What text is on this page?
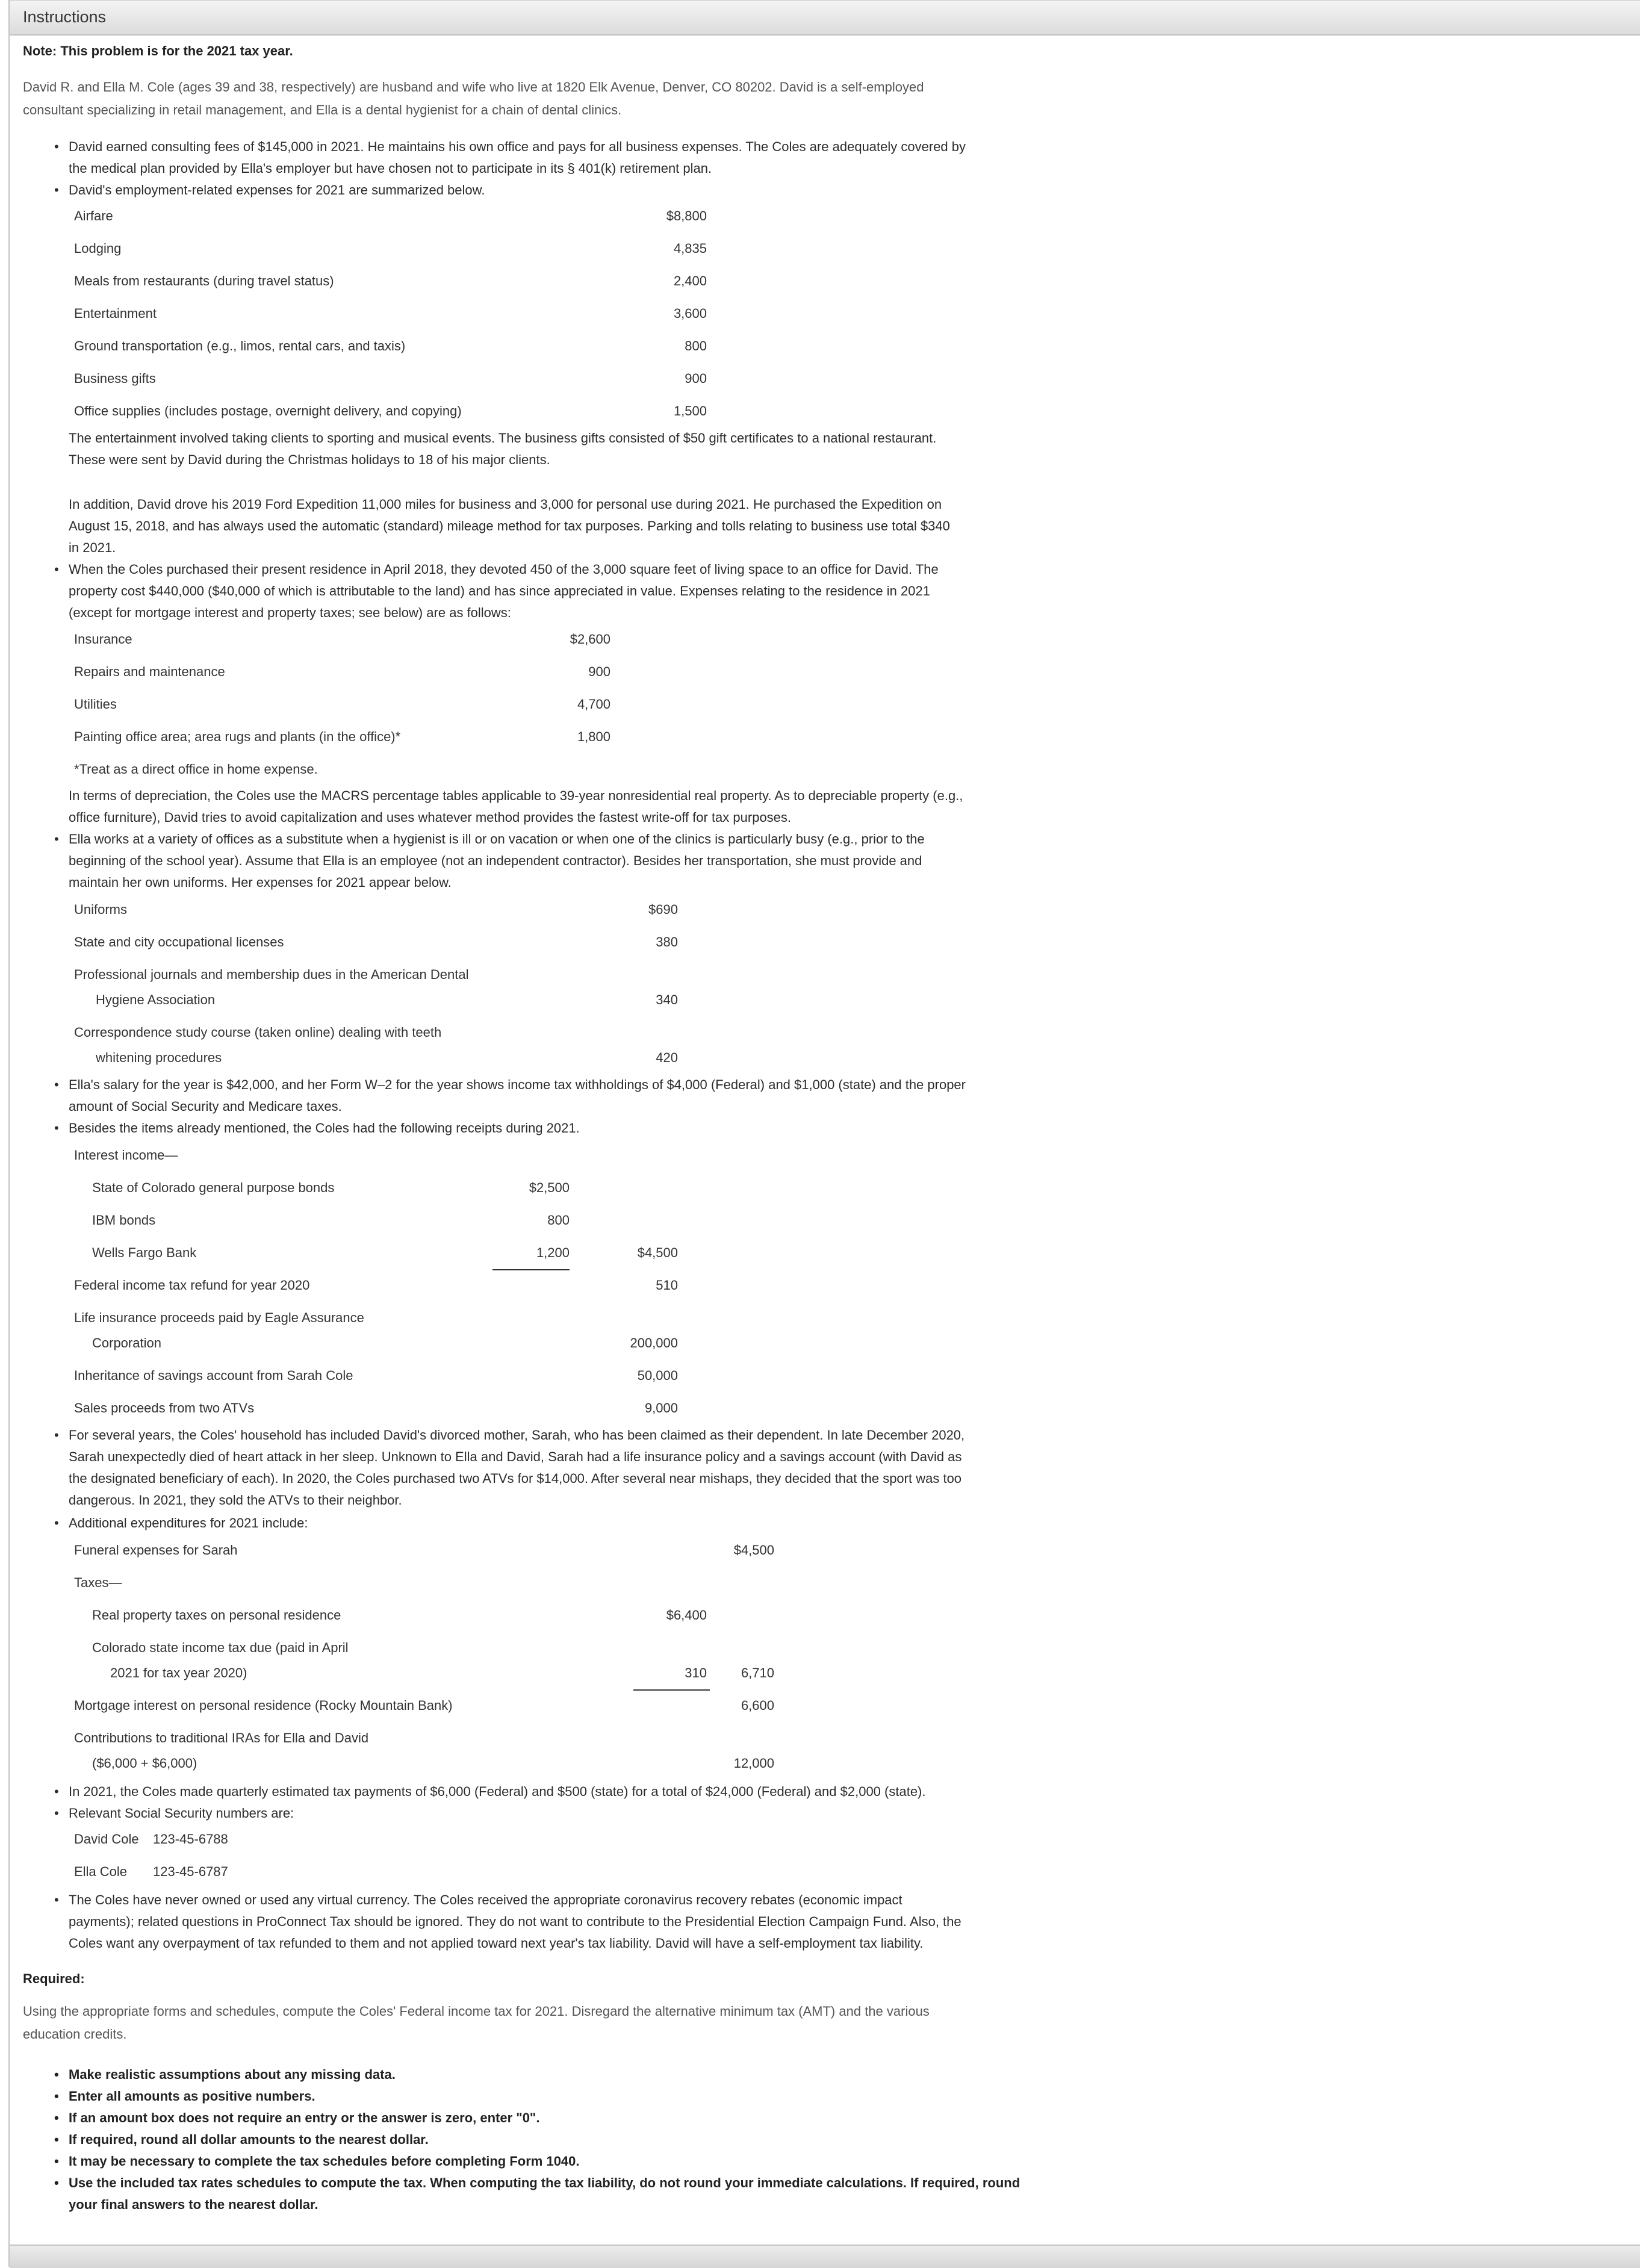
Instructions
Note: This problem is for the 2021 tax year.
David R. and Ella M. Cole (ages 39 and 38, respectively) are husband and wife who live at 1820 Elk Avenue, Denver, CO 80202. David is a self-employed
consultant specializing in retail management, and Ella is a dental hygienist for a chain of dental clinics.
• David earned consulting fees of $145,000 in 2021. He maintains his own office and pays for all business expenses. The Coles are adequately covered by
the medical plan provided by Ella's employer but have chosen not to participate in its § 401(k) retirement plan.
• David's employment-related expenses for 2021 are summarized below.
Airfare	$8,800
Lodging	4,835
Meals from restaurants (during travel status)	2,400
Entertainment	3,600
Ground transportation (e.g., limos, rental cars, and taxis)	800
Business gifts	900
Office supplies (includes postage, overnight delivery, and copying)	1,500
The entertainment involved taking clients to sporting and musical events. The business gifts consisted of $50 gift certificates to a national restaurant.
These were sent by David during the Christmas holidays to 18 of his major clients.
In addition, David drove his 2019 Ford Expedition 11,000 miles for business and 3,000 for personal use during 2021. He purchased the Expedition on
August 15, 2018, and has always used the automatic (standard) mileage method for tax purposes. Parking and tolls relating to business use total $340
in 2021.
• When the Coles purchased their present residence in April 2018, they devoted 450 of the 3,000 square feet of living space to an office for David. The
property cost $440,000 ($40,000 of which is attributable to the land) and has since appreciated in value. Expenses relating to the residence in 2021
(except for mortgage interest and property taxes; see below) are as follows:
Insurance	$2,600
Repairs and maintenance	900
Utilities	4,700
Painting office area; area rugs and plants (in the office)*	1,800
*Treat as a direct office in home expense.
In terms of depreciation, the Coles use the MACRS percentage tables applicable to 39-year nonresidential real property. As to depreciable property (e.g.,
office furniture), David tries to avoid capitalization and uses whatever method provides the fastest write-off for tax purposes.
• Ella works at a variety of offices as a substitute when a hygienist is ill or on vacation or when one of the clinics is particularly busy (e.g., prior to the
beginning of the school year). Assume that Ella is an employee (not an independent contractor). Besides her transportation, she must provide and
maintain her own uniforms. Her expenses for 2021 appear below.
Uniforms	$690
State and city occupational licenses	380
Professional journals and membership dues in the American Dental
Hygiene Association	340
Correspondence study course (taken online) dealing with teeth
whitening procedures	420
• Ella's salary for the year is $42,000, and her Form W–2 for the year shows income tax withholdings of $4,000 (Federal) and $1,000 (state) and the proper
amount of Social Security and Medicare taxes.
• Besides the items already mentioned, the Coles had the following receipts during 2021.
Interest income—
State of Colorado general purpose bonds	$2,500
IBM bonds	800
Wells Fargo Bank	1,200	$4,500
Federal income tax refund for year 2020	510
Life insurance proceeds paid by Eagle Assurance
Corporation	200,000
Inheritance of savings account from Sarah Cole	50,000
Sales proceeds from two ATVs	9,000
• For several years, the Coles' household has included David's divorced mother, Sarah, who has been claimed as their dependent. In late December 2020,
Sarah unexpectedly died of heart attack in her sleep. Unknown to Ella and David, Sarah had a life insurance policy and a savings account (with David as
the designated beneficiary of each). In 2020, the Coles purchased two ATVs for $14,000. After several near mishaps, they decided that the sport was too
dangerous. In 2021, they sold the ATVs to their neighbor.
• Additional expenditures for 2021 include:
Funeral expenses for Sarah	$4,500
Taxes—
Real property taxes on personal residence	$6,400
Colorado state income tax due (paid in April
2021 for tax year 2020)	310	6,710
Mortgage interest on personal residence (Rocky Mountain Bank)	6,600
Contributions to traditional IRAs for Ella and David
($6,000 + $6,000)	12,000
• In 2021, the Coles made quarterly estimated tax payments of $6,000 (Federal) and $500 (state) for a total of $24,000 (Federal) and $2,000 (state).
• Relevant Social Security numbers are:
David Cole 123-45-6788
Ella Cole 123-45-6787
• The Coles have never owned or used any virtual currency. The Coles received the appropriate coronavirus recovery rebates (economic impact
payments); related questions in ProConnect Tax should be ignored. They do not want to contribute to the Presidential Election Campaign Fund. Also, the
Coles want any overpayment of tax refunded to them and not applied toward next year's tax liability. David will have a self-employment tax liability.
Required:
Using the appropriate forms and schedules, compute the Coles' Federal income tax for 2021. Disregard the alternative minimum tax (AMT) and the various
education credits.
• Make realistic assumptions about any missing data.
• Enter all amounts as positive numbers.
• If an amount box does not require an entry or the answer is zero, enter "0".
• If required, round all dollar amounts to the nearest dollar.
• It may be necessary to complete the tax schedules before completing Form 1040.
• Use the included tax rates schedules to compute the tax. When computing the tax liability, do not round your immediate calculations. If required, round
your final answers to the nearest dollar.
